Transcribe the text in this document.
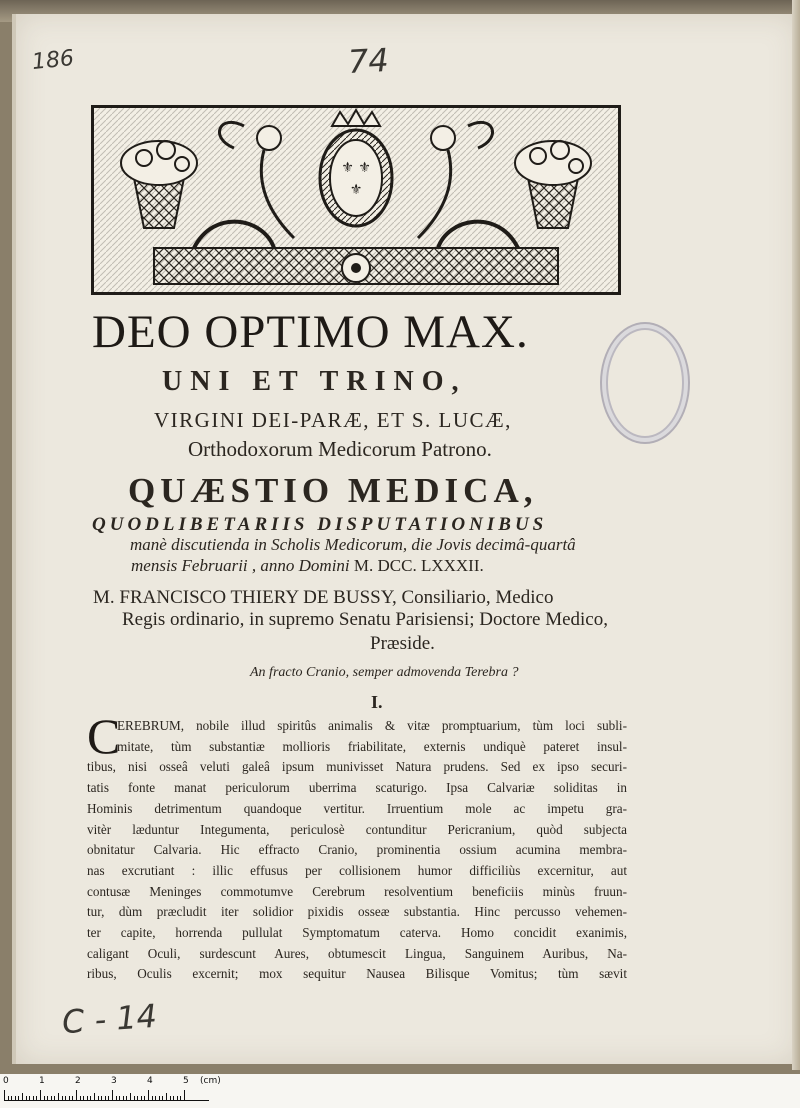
186	74
⚜ ⚜
⚜
DEO OPTIMO MAX.
UNI ET TRINO,
VIRGINI DEI-PARÆ, ET S. LUCÆ,
Orthodoxorum Medicorum Patrono.
QUÆSTIO MEDICA,
QUODLIBETARIIS DISPUTATIONIBUS
manè discutienda in Scholis Medicorum, die Jovis decimâ-quartâ
mensis Februarii , anno Domini M. DCC. LXXXII.
M. FRANCISCO THIERY DE BUSSY, Consiliario, Medico
Regis ordinario, in supremo Senatu Parisiensi; Doctore Medico,
Præside.
An fracto Cranio, semper admovenda Terebra ?
I.
C
EREBRUM, nobile illud spiritûs animalis & vitæ promptuarium, tùm loci subli-
mitate, tùm substantiæ mollioris friabilitate, externis undiquè pateret insul-
tibus, nisi osseâ veluti galeâ ipsum munivisset Natura prudens. Sed ex ipso securi-
tatis fonte manat periculorum uberrima scaturigo. Ipsa Calvariæ soliditas in
Hominis detrimentum quandoque vertitur. Irruentium mole ac impetu gra-
vitèr læduntur Integumenta, periculosè contunditur Pericranium, quòd subjecta
obnitatur Calvaria. Hic effracto Cranio, prominentia ossium acumina membra-
nas excrutiant : illic effusus per collisionem humor difficiliùs excernitur, aut
contusæ Meninges commotumve Cerebrum resolventium beneficiis minùs fruun-
tur, dùm præcludit iter solidior pixidis osseæ substantia. Hinc percusso vehemen-
ter capite, horrenda pullulat Symptomatum caterva. Homo concidit exanimis,
caligant Oculi, surdescunt Aures, obtumescit Lingua, Sanguinem Auribus, Na-
ribus, Oculis excernit; mox sequitur Nausea Bilisque Vomitus; tùm sævit
C - 14
0	1	2	3	4	5 (cm)
